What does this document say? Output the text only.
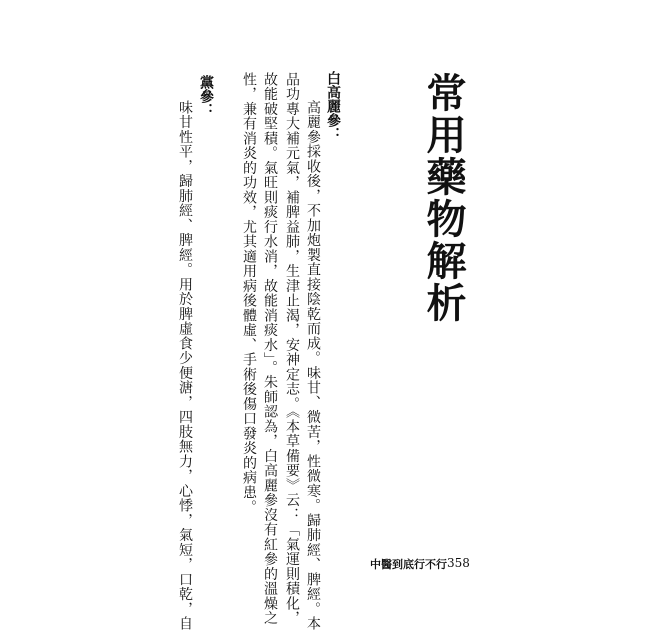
常用藥物解析
白高麗參：
高麗參採收後，不加炮製直接陰乾而成。味甘、微苦，性微寒。歸肺經、脾經。本
品功專大補元氣，補脾益肺，生津止渴，安神定志。《本草備要》云：「氣運則積化，
故能破堅積。氣旺則痰行水消，故能消痰水」。朱師認為，白高麗參沒有紅參的溫燥之
性，兼有消炎的功效，尤其適用病後體虛、手術後傷口發炎的病患。
黨參：
味甘性平，歸肺經、脾經。用於脾虛食少便溏，四肢無力，心悸，氣短，口乾，自	中醫到底行不行 358
